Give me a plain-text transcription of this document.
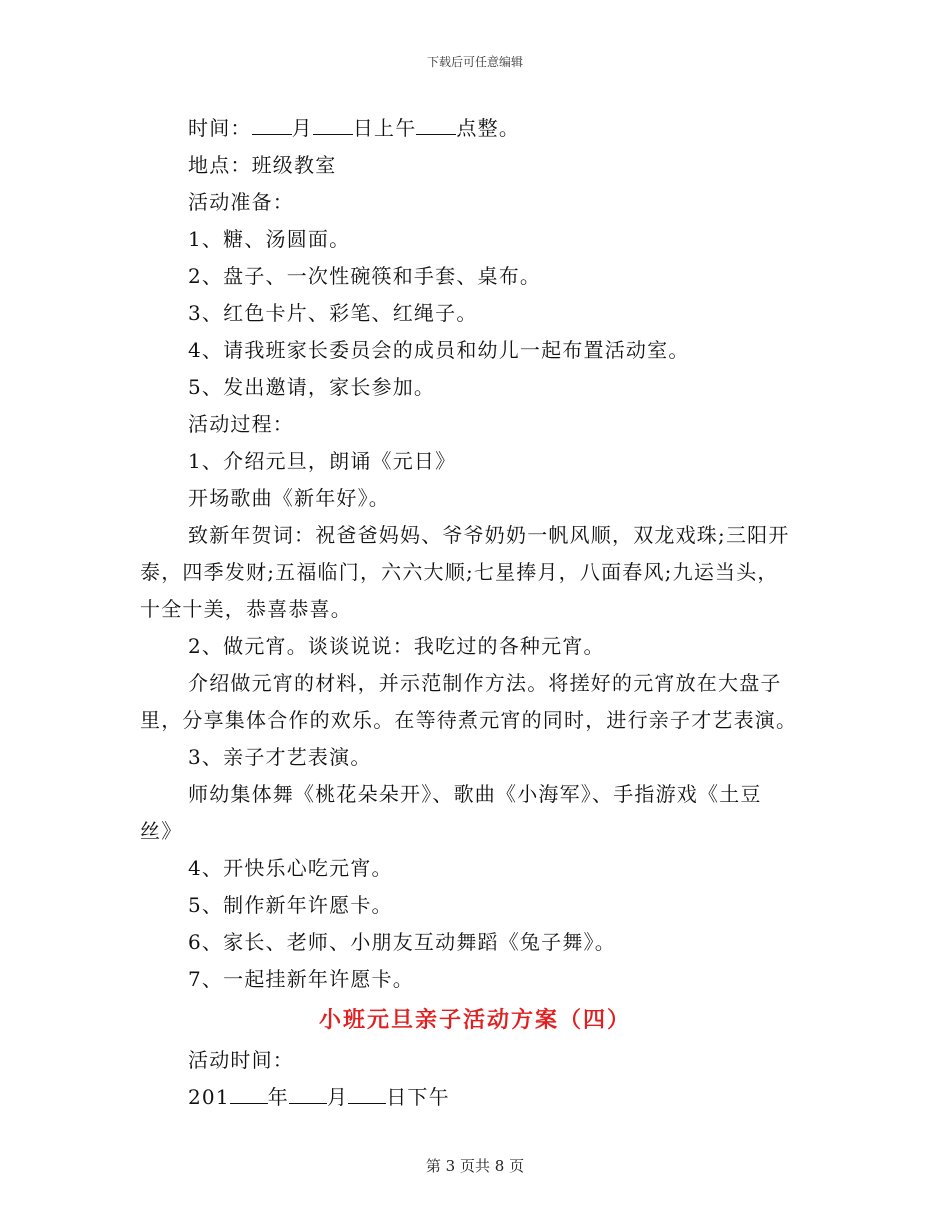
下载后可任意编辑
时间： 月 日上午 点整。
地点：班级教室
活动准备：
1、糖、汤圆面。
2、盘子、一次性碗筷和手套、桌布。
3、红色卡片、彩笔、红绳子。
4、请我班家长委员会的成员和幼儿一起布置活动室。
5、发出邀请，家长参加。
活动过程：
1、介绍元旦，朗诵《元日》
开场歌曲《新年好》。
致新年贺词：祝爸爸妈妈、爷爷奶奶一帆风顺，双龙戏珠;三阳开
泰，四季发财;五福临门，六六大顺;七星捧月，八面春风;九运当头，
十全十美，恭喜恭喜。
2、做元宵。谈谈说说：我吃过的各种元宵。
介绍做元宵的材料，并示范制作方法。将搓好的元宵放在大盘子
里，分享集体合作的欢乐。在等待煮元宵的同时，进行亲子才艺表演。
3、亲子才艺表演。
师幼集体舞《桃花朵朵开》、歌曲《小海军》、手指游戏《土豆
丝》
4、开快乐心吃元宵。
5、制作新年许愿卡。
6、家长、老师、小朋友互动舞蹈《兔子舞》。
7、一起挂新年许愿卡。
小班元旦亲子活动方案（四）
活动时间：
201 年 月 日下午
第 3 页共 8 页
